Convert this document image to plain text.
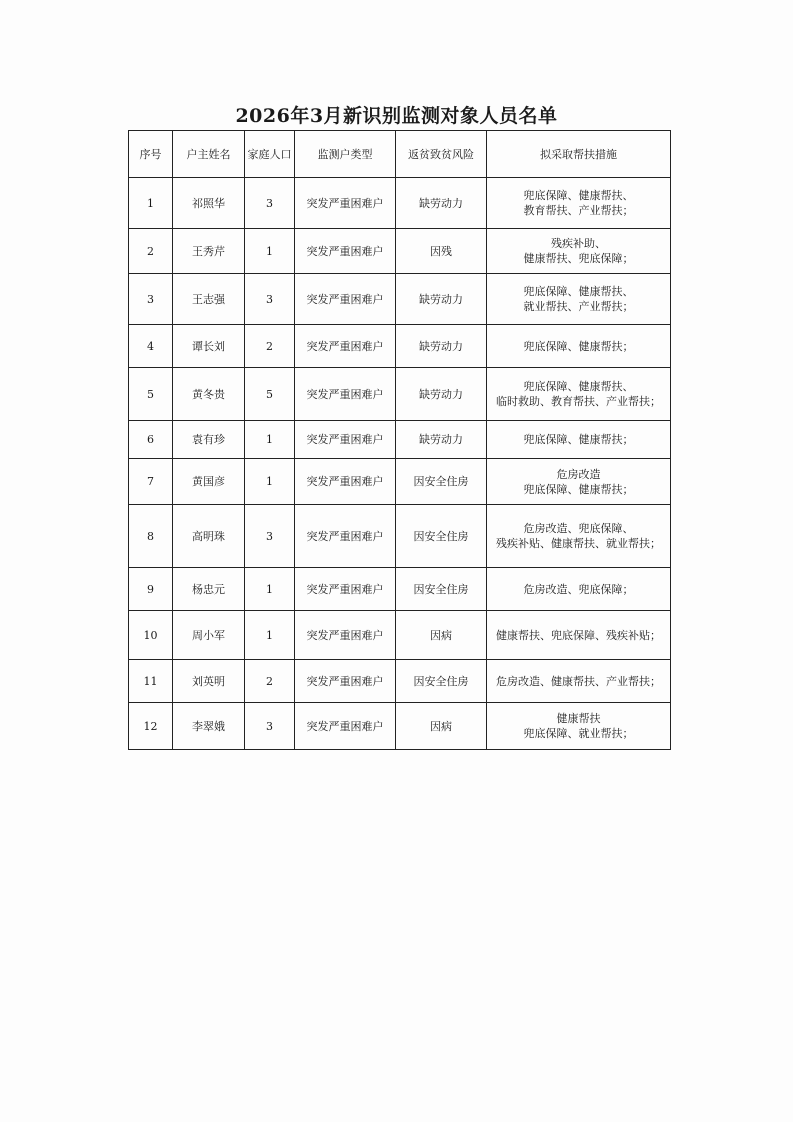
2026年3月新识别监测对象人员名单
序号	户主姓名	家庭人口	监测户类型	返贫致贫风险	拟采取帮扶措施
1	祁照华	3	突发严重困难户	缺劳动力	兜底保障、健康帮扶、
教育帮扶、产业帮扶；
2	王秀芹	1	突发严重困难户	因残	残疾补助、
健康帮扶、兜底保障；
3	王志强	3	突发严重困难户	缺劳动力	兜底保障、健康帮扶、
就业帮扶、产业帮扶；
4	谭长刘	2	突发严重困难户	缺劳动力	兜底保障、健康帮扶；
5	黄冬贵	5	突发严重困难户	缺劳动力	兜底保障、健康帮扶、
临时救助、教育帮扶、产业帮扶；
6	袁有珍	1	突发严重困难户	缺劳动力	兜底保障、健康帮扶；
7	黄国彦	1	突发严重困难户	因安全住房	危房改造
兜底保障、健康帮扶；
8	高明珠	3	突发严重困难户	因安全住房	危房改造、兜底保障、
残疾补贴、健康帮扶、就业帮扶；
9	杨忠元	1	突发严重困难户	因安全住房	危房改造、兜底保障；
10	周小军	1	突发严重困难户	因病	健康帮扶、兜底保障、残疾补贴；
11	刘英明	2	突发严重困难户	因安全住房	危房改造、健康帮扶、产业帮扶；
12	李翠娥	3	突发严重困难户	因病	健康帮扶
兜底保障、就业帮扶；
